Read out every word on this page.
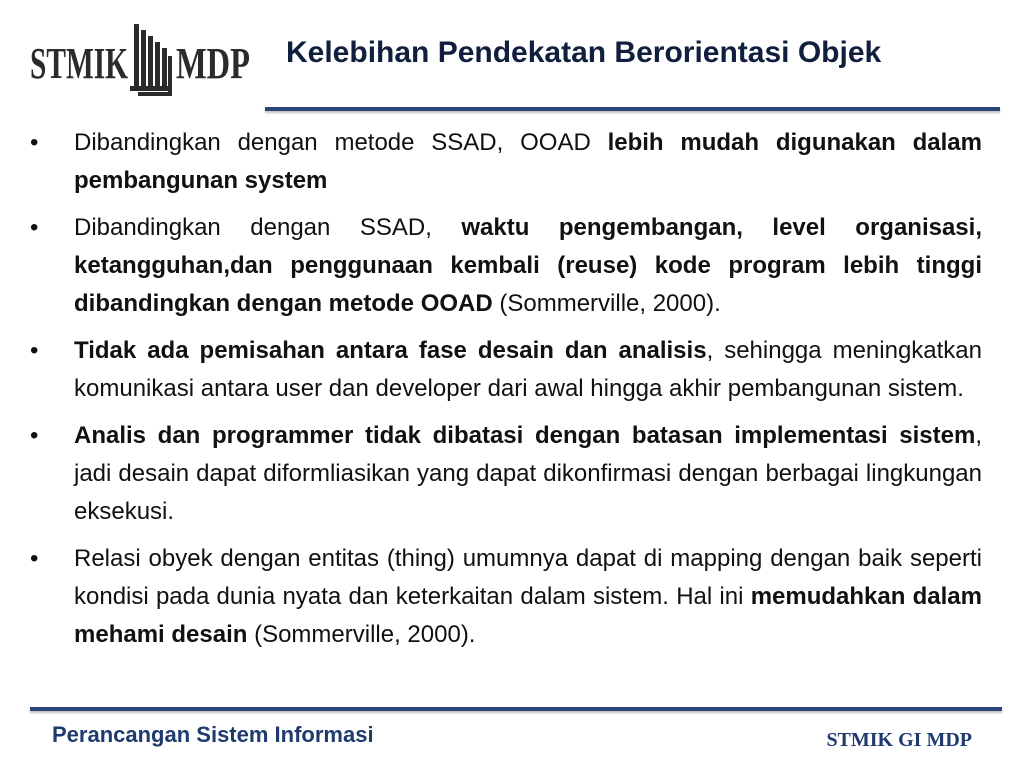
STMIK MDP Kelebihan Pendekatan Berorientasi Objek
• Dibandingkan dengan metode SSAD, OOAD lebih mudah digunakan dalam pembangunan system
• Dibandingkan dengan SSAD, waktu pengembangan, level organisasi, ketangguhan,dan penggunaan kembali (reuse) kode program lebih tinggi dibandingkan dengan metode OOAD (Sommerville, 2000).
• Tidak ada pemisahan antara fase desain dan analisis, sehingga meningkatkan komunikasi antara user dan developer dari awal hingga akhir pembangunan sistem.
• Analis dan programmer tidak dibatasi dengan batasan implementasi sistem, jadi desain dapat diformliasikan yang dapat dikonfirmasi dengan berbagai lingkungan eksekusi.
• Relasi obyek dengan entitas (thing) umumnya dapat di mapping dengan baik seperti kondisi pada dunia nyata dan keterkaitan dalam sistem. Hal ini memudahkan dalam mehami desain (Sommerville, 2000).
Perancangan Sistem Informasi	STMIK GI MDP
